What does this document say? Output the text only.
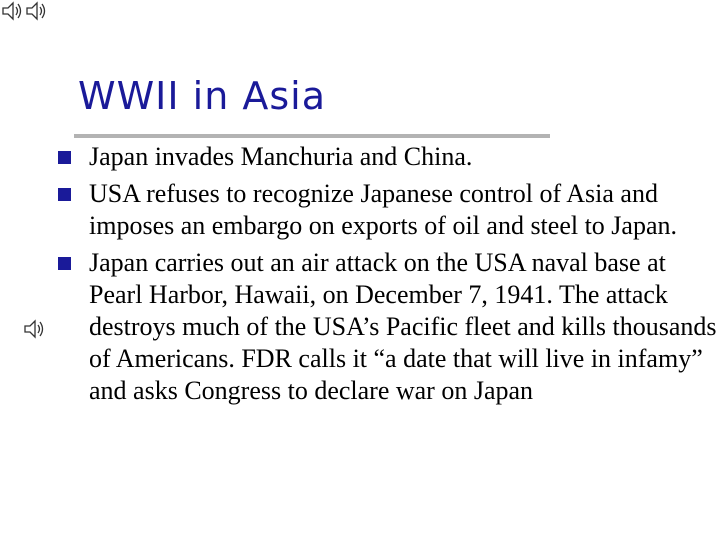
WWII in Asia
Japan invades Manchuria and China.
USA refuses to recognize Japanese control of Asia and imposes an embargo on exports of oil and steel to Japan.
Japan carries out an air attack on the USA naval base at Pearl Harbor, Hawaii, on December 7, 1941. The attack destroys much of the USA’s Pacific fleet and kills thousands of Americans. FDR calls it “a date that will live in infamy” and asks Congress to declare war on Japan
